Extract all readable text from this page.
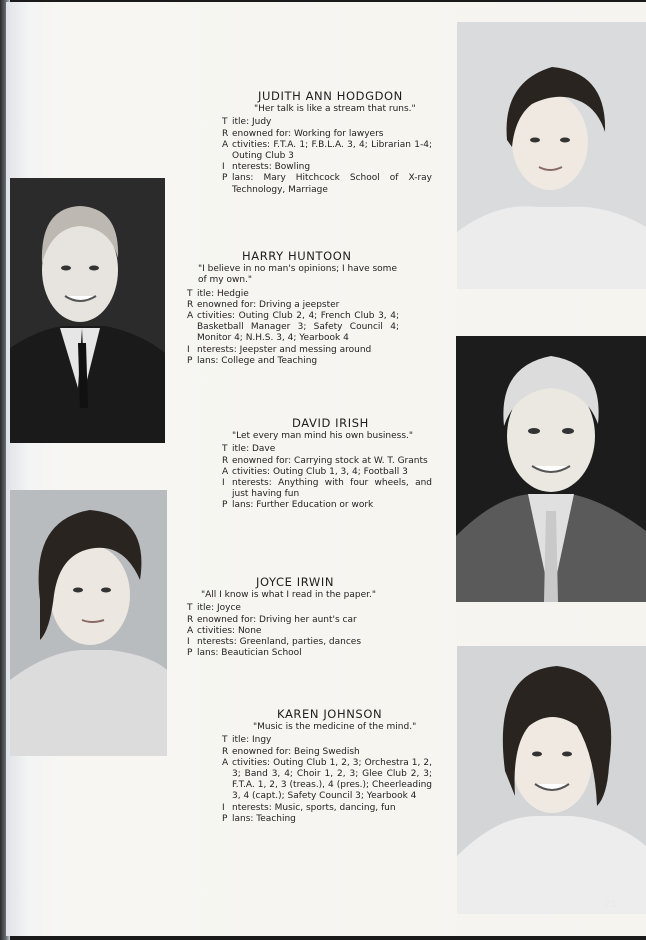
JUDITH ANN HODGDON
"Her talk is like a stream that runs."
T itle: Judy
R enowned for: Working for lawyers
A ctivities: F.T.A. 1; F.B.L.A. 3, 4; Librarian 1-4; Outing Club 3
I nterests: Bowling
P lans: Mary Hitchcock School of X-ray Technology, Marriage
HARRY HUNTOON
"I believe in no man's opinions; I have some of my own."
T itle: Hedgie
R enowned for: Driving a jeepster
A ctivities: Outing Club 2, 4; French Club 3, 4; Basketball Manager 3; Safety Council 4; Monitor 4; N.H.S. 3, 4; Yearbook 4
I nterests: Jeepster and messing around
P lans: College and Teaching
DAVID IRISH
"Let every man mind his own business."
T itle: Dave
R enowned for: Carrying stock at W. T. Grants
A ctivities: Outing Club 1, 3, 4; Football 3
I nterests: Anything with four wheels, and just having fun
P lans: Further Education or work
JOYCE IRWIN
"All I know is what I read in the paper."
T itle: Joyce
R enowned for: Driving her aunt's car
A ctivities: None
I nterests: Greenland, parties, dances
P lans: Beautician School
KAREN JOHNSON
"Music is the medicine of the mind."
T itle: Ingy
R enowned for: Being Swedish
A ctivities: Outing Club 1, 2, 3; Orchestra 1, 2, 3; Band 3, 4; Choir 1, 2, 3; Glee Club 2, 3; F.T.A. 1, 2, 3 (treas.), 4 (pres.); Cheerleading 3, 4 (capt.); Safety Council 3; Yearbook 4
I nterests: Music, sports, dancing, fun
P lans: Teaching
25
